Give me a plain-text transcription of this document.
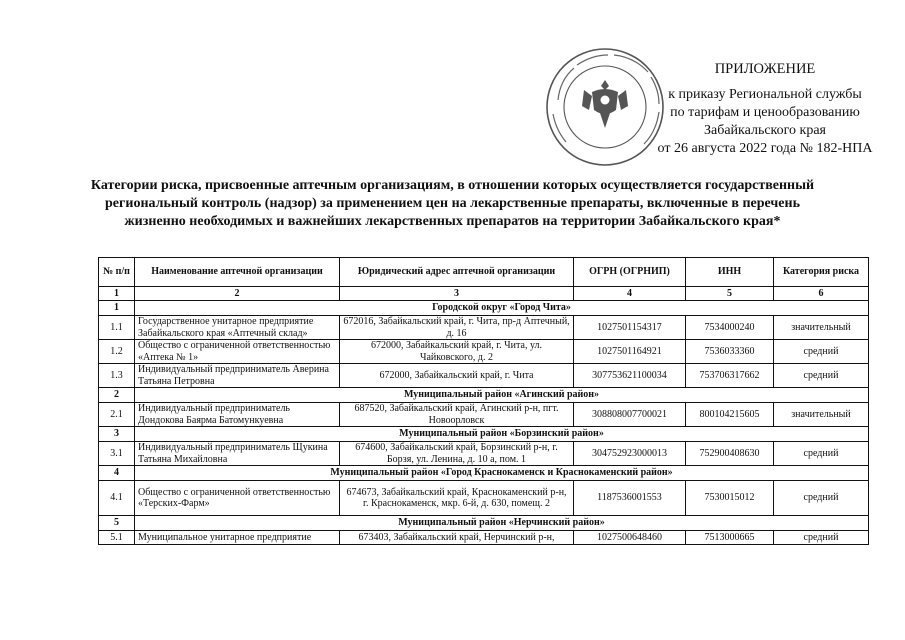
ПРИЛОЖЕНИЕ
к приказу Региональной службы
по тарифам и ценообразованию
Забайкальского края
от 26 августа 2022 года № 182-НПА
Категории риска, присвоенные аптечным организациям, в отношении которых осуществляется государственный региональный контроль (надзор) за применением цен на лекарственные препараты, включенные в перечень жизненно необходимых и важнейших лекарственных препаратов на территории Забайкальского края*
№ п/п	Наименование аптечной организации	Юридический адрес аптечной организации	ОГРН (ОГРНИП)	ИНН	Категория риска
1	2	3	4	5	6
1	Городской округ «Город Чита»				
1.1	Государственное унитарное предприятие Забайкальского края «Аптечный склад»	672016, Забайкальский край, г. Чита, пр-д Аптечный, д. 16	1027501154317	7534000240	значительный
1.2	Общество с ограниченной ответственностью «Аптека № 1»	672000, Забайкальский край, г. Чита, ул. Чайковского, д. 2	1027501164921	7536033360	средний
1.3	Индивидуальный предприниматель Аверина Татьяна Петровна	672000, Забайкальский край, г. Чита	307753621100034	753706317662	средний
2	Муниципальный район «Агинский район»				
2.1	Индивидуальный предприниматель Дондокова Баярма Батомункуевна	687520, Забайкальский край, Агинский р-н, пгт. Новоорловск	308808007700021	800104215605	значительный
3	Муниципальный район «Борзинский район»				
3.1	Индивидуальный предприниматель Щукина Татьяна Михайловна	674600, Забайкальский край, Борзинский р-н, г. Борзя, ул. Ленина, д. 10 а, пом. 1	304752923000013	752900408630	средний
4	Муниципальный район «Город Краснокаменск и Краснокаменский район»				
4.1	Общество с ограниченной ответственностью «Терских-Фарм»	674673, Забайкальский край, Краснокаменский р-н, г. Краснокаменск, мкр. 6-й, д. 630, помещ. 2	1187536001553	7530015012	средний
5	Муниципальный район «Нерчинский район»				
5.1	Муниципальное унитарное предприятие	673403, Забайкальский край, Нерчинский р-н,	1027500648460	7513000665	средний
